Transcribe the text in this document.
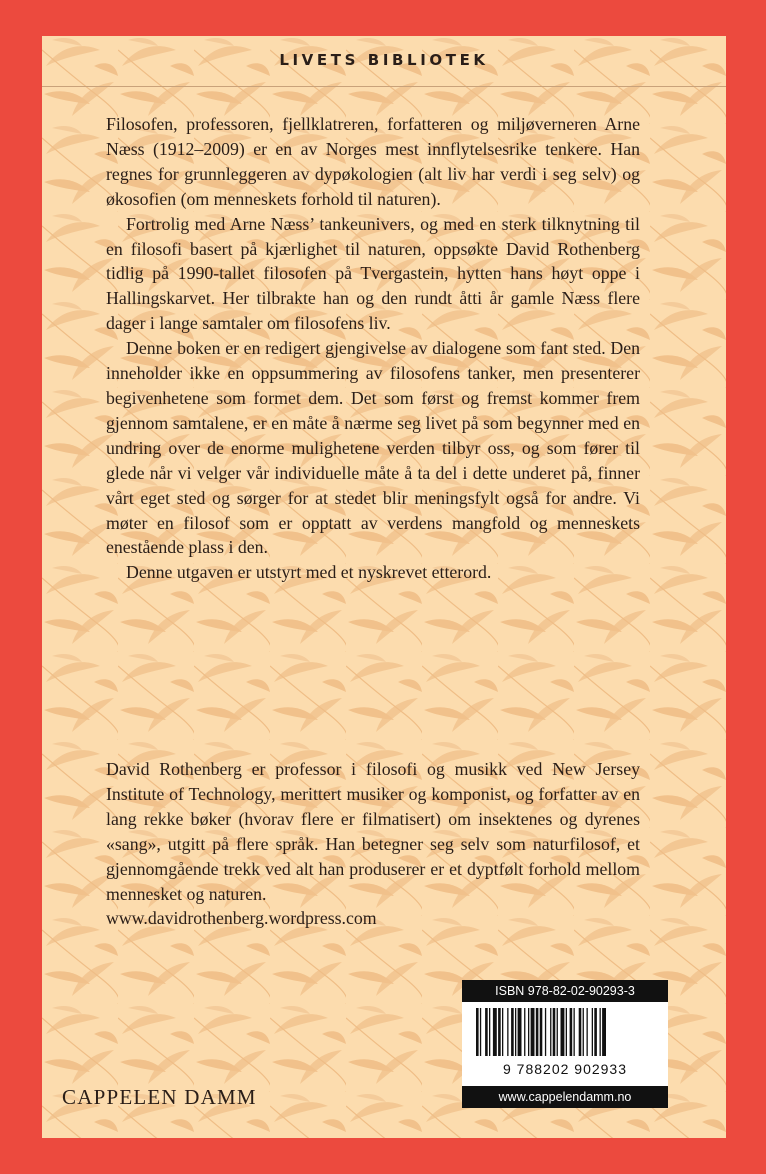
LIVETS BIBLIOTEK

Filosofen, professoren, fjellklatreren, forfatteren og miljøverneren Arne Næss (1912–2009) er en av Norges mest innflytelsesrike tenkere. Han regnes for grunnleggeren av dypøkologien (alt liv har verdi i seg selv) og økosofien (om menneskets forhold til naturen).

Fortrolig med Arne Næss’ tankeunivers, og med en sterk tilknytning til en filosofi basert på kjærlighet til naturen, oppsøkte David Rothenberg tidlig på 1990-tallet filosofen på Tvergastein, hytten hans høyt oppe i Hallingskarvet. Her tilbrakte han og den rundt åtti år gamle Næss flere dager i lange samtaler om filosofens liv.

Denne boken er en redigert gjengivelse av dialogene som fant sted. Den inneholder ikke en oppsummering av filosofens tanker, men presenterer begivenhetene som formet dem. Det som først og fremst kommer frem gjennom samtalene, er en måte å nærme seg livet på som begynner med en undring over de enorme mulighetene verden tilbyr oss, og som fører til glede når vi velger vår individuelle måte å ta del i dette underet på, finner vårt eget sted og sørger for at stedet blir meningsfylt også for andre. Vi møter en filosof som er opptatt av verdens mangfold og menneskets enestående plass i den.

Denne utgaven er utstyrt med et nyskrevet etterord.

David Rothenberg er professor i filosofi og musikk ved New Jersey Institute of Technology, merittert musiker og komponist, og forfatter av en lang rekke bøker (hvorav flere er filmatisert) om insektenes og dyrenes «sang», utgitt på flere språk. Han betegner seg selv som naturfilosof, et gjennomgående trekk ved alt han produserer er et dyptfølt forhold mellom mennesket og naturen.

www.davidrothenberg.wordpress.com
CAPPELEN DAMM
ISBN 978-82-02-90293-3
9 788202 902933
www.cappelendamm.no
